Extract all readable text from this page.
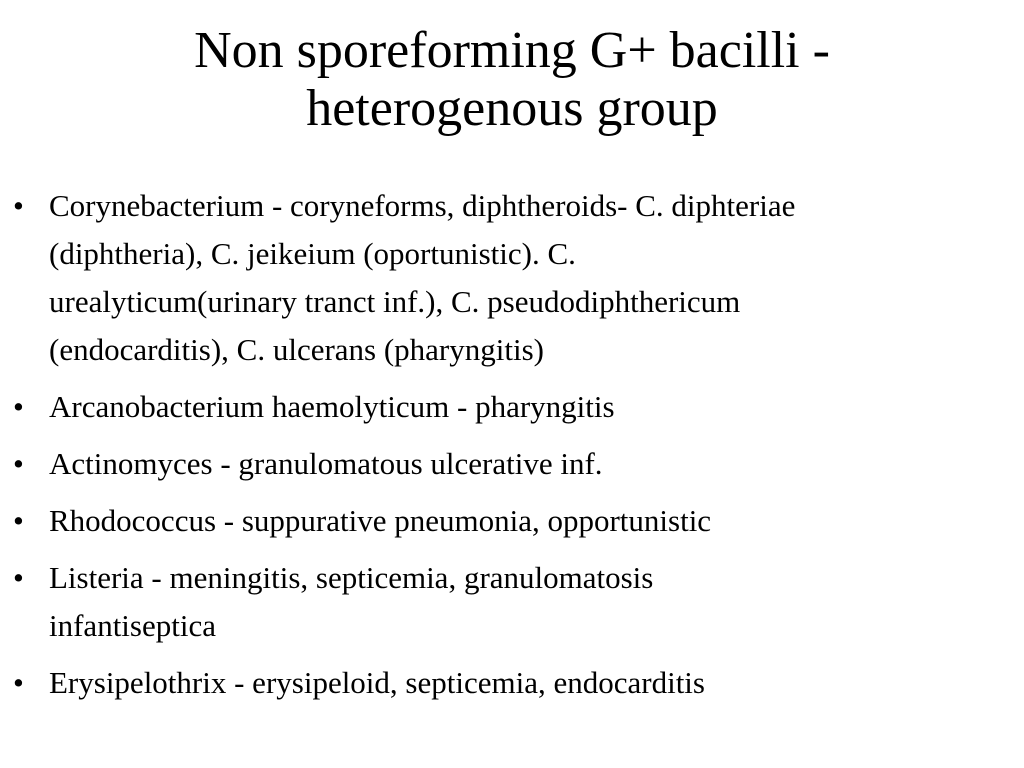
Non sporeforming G+ bacilli -
heterogenous group
• Corynebacterium - coryneforms, diphtheroids- C. diphteriae
(diphtheria), C. jeikeium (oportunistic). C.
urealyticum(urinary tranct inf.), C. pseudodiphthericum
(endocarditis), C. ulcerans (pharyngitis)
• Arcanobacterium haemolyticum - pharyngitis
• Actinomyces - granulomatous ulcerative inf.
• Rhodococcus - suppurative pneumonia, opportunistic
• Listeria - meningitis, septicemia, granulomatosis
infantiseptica
• Erysipelothrix - erysipeloid, septicemia, endocarditis
